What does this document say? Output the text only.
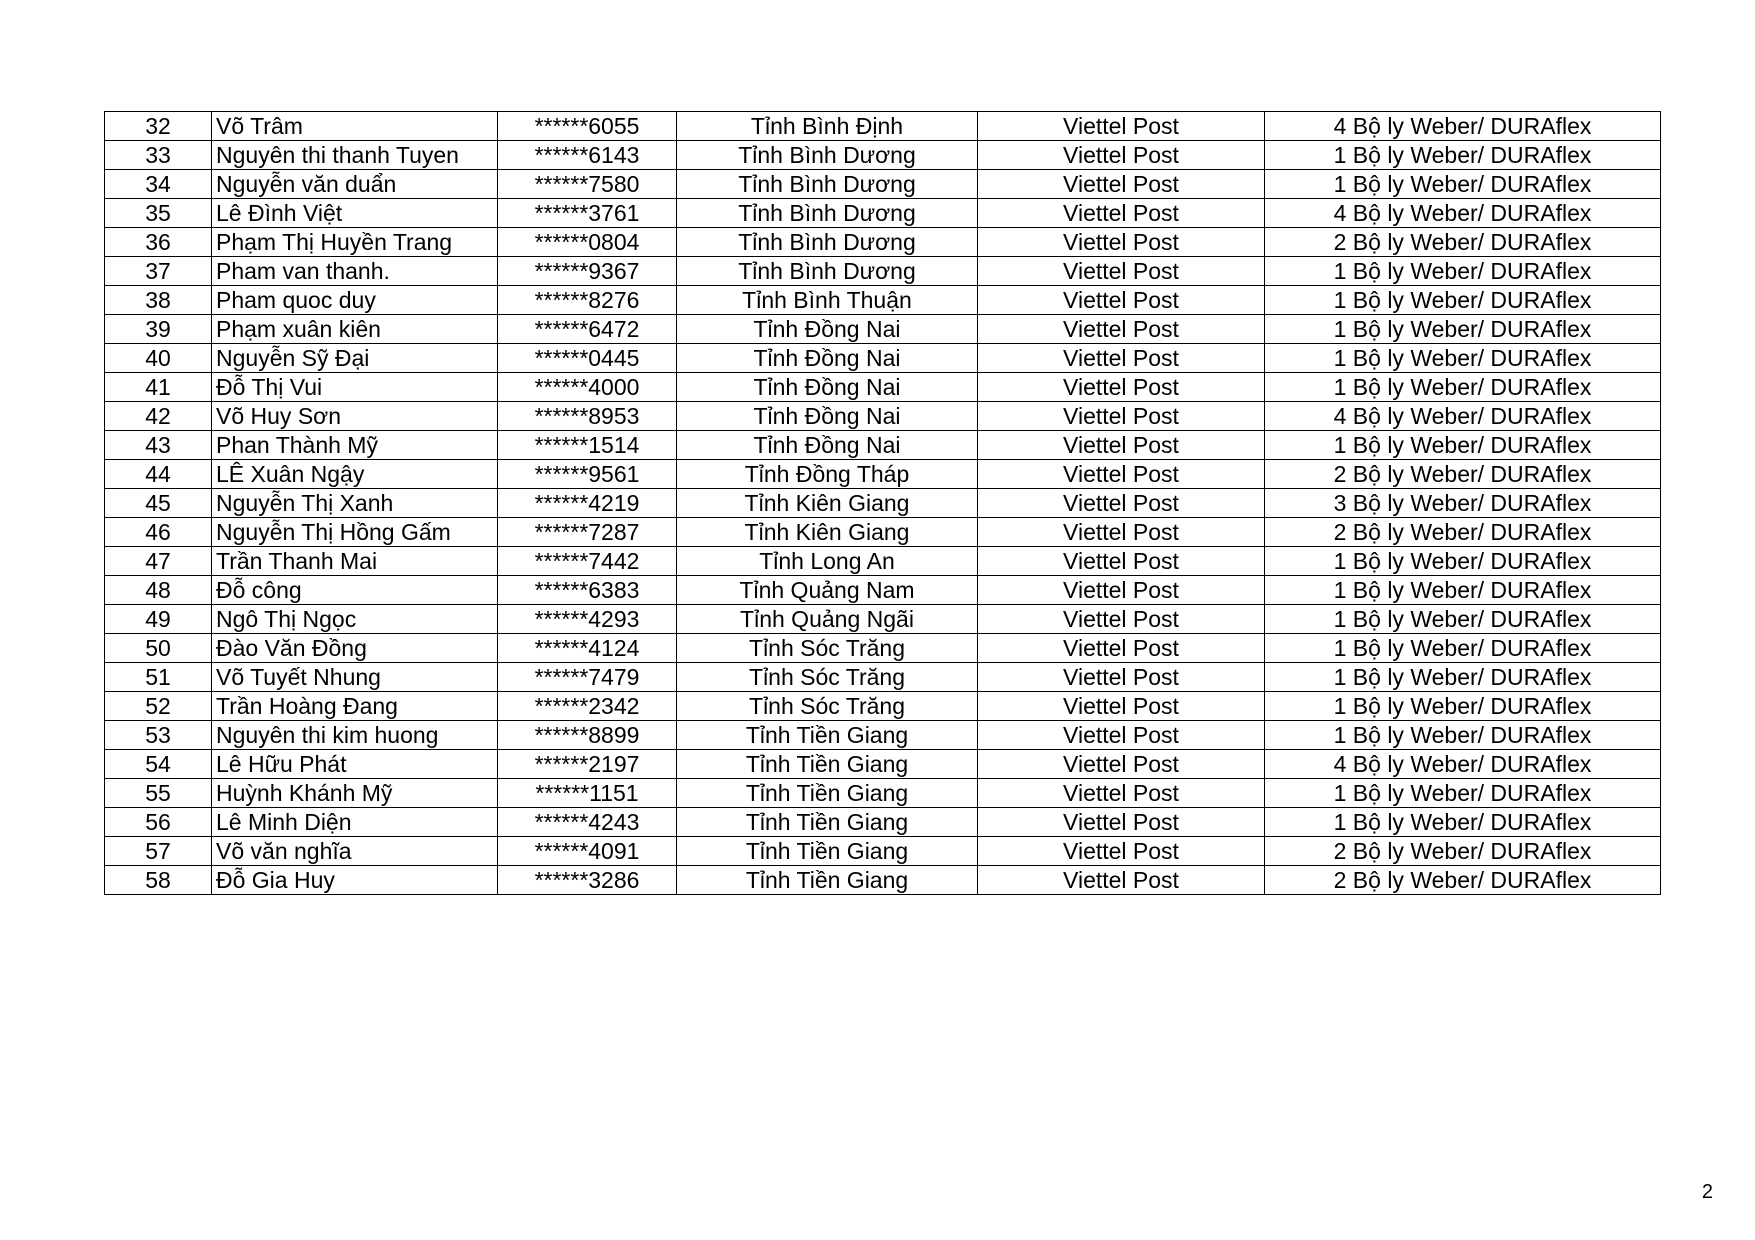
32	Võ Trâm	******6055	Tỉnh Bình Định	Viettel Post	4 Bộ ly Weber/ DURAflex
33	Nguyên thi thanh Tuyen	******6143	Tỉnh Bình Dương	Viettel Post	1 Bộ ly Weber/ DURAflex
34	Nguyễn văn duẩn	******7580	Tỉnh Bình Dương	Viettel Post	1 Bộ ly Weber/ DURAflex
35	Lê Đình Việt	******3761	Tỉnh Bình Dương	Viettel Post	4 Bộ ly Weber/ DURAflex
36	Phạm Thị Huyền Trang	******0804	Tỉnh Bình Dương	Viettel Post	2 Bộ ly Weber/ DURAflex
37	Pham van thanh.	******9367	Tỉnh Bình Dương	Viettel Post	1 Bộ ly Weber/ DURAflex
38	Pham quoc duy	******8276	Tỉnh Bình Thuận	Viettel Post	1 Bộ ly Weber/ DURAflex
39	Phạm xuân kiên	******6472	Tỉnh Đồng Nai	Viettel Post	1 Bộ ly Weber/ DURAflex
40	Nguyễn Sỹ Đại	******0445	Tỉnh Đồng Nai	Viettel Post	1 Bộ ly Weber/ DURAflex
41	Đỗ Thị Vui	******4000	Tỉnh Đồng Nai	Viettel Post	1 Bộ ly Weber/ DURAflex
42	Võ Huy Sơn	******8953	Tỉnh Đồng Nai	Viettel Post	4 Bộ ly Weber/ DURAflex
43	Phan Thành Mỹ	******1514	Tỉnh Đồng Nai	Viettel Post	1 Bộ ly Weber/ DURAflex
44	LÊ Xuân Ngậy	******9561	Tỉnh Đồng Tháp	Viettel Post	2 Bộ ly Weber/ DURAflex
45	Nguyễn Thị Xanh	******4219	Tỉnh Kiên Giang	Viettel Post	3 Bộ ly Weber/ DURAflex
46	Nguyễn Thị Hồng Gấm	******7287	Tỉnh Kiên Giang	Viettel Post	2 Bộ ly Weber/ DURAflex
47	Trần Thanh Mai	******7442	Tỉnh Long An	Viettel Post	1 Bộ ly Weber/ DURAflex
48	Đỗ công	******6383	Tỉnh Quảng Nam	Viettel Post	1 Bộ ly Weber/ DURAflex
49	Ngô Thị Ngọc	******4293	Tỉnh Quảng Ngãi	Viettel Post	1 Bộ ly Weber/ DURAflex
50	Đào Văn Đồng	******4124	Tỉnh Sóc Trăng	Viettel Post	1 Bộ ly Weber/ DURAflex
51	Võ Tuyết Nhung	******7479	Tỉnh Sóc Trăng	Viettel Post	1 Bộ ly Weber/ DURAflex
52	Trần Hoàng Đang	******2342	Tỉnh Sóc Trăng	Viettel Post	1 Bộ ly Weber/ DURAflex
53	Nguyên thi kim huong	******8899	Tỉnh Tiền Giang	Viettel Post	1 Bộ ly Weber/ DURAflex
54	Lê Hữu Phát	******2197	Tỉnh Tiền Giang	Viettel Post	4 Bộ ly Weber/ DURAflex
55	Huỳnh Khánh Mỹ	******1151	Tỉnh Tiền Giang	Viettel Post	1 Bộ ly Weber/ DURAflex
56	Lê Minh Diện	******4243	Tỉnh Tiền Giang	Viettel Post	1 Bộ ly Weber/ DURAflex
57	Võ văn nghĩa	******4091	Tỉnh Tiền Giang	Viettel Post	2 Bộ ly Weber/ DURAflex
58	Đỗ Gia Huy	******3286	Tỉnh Tiền Giang	Viettel Post	2 Bộ ly Weber/ DURAflex
2
